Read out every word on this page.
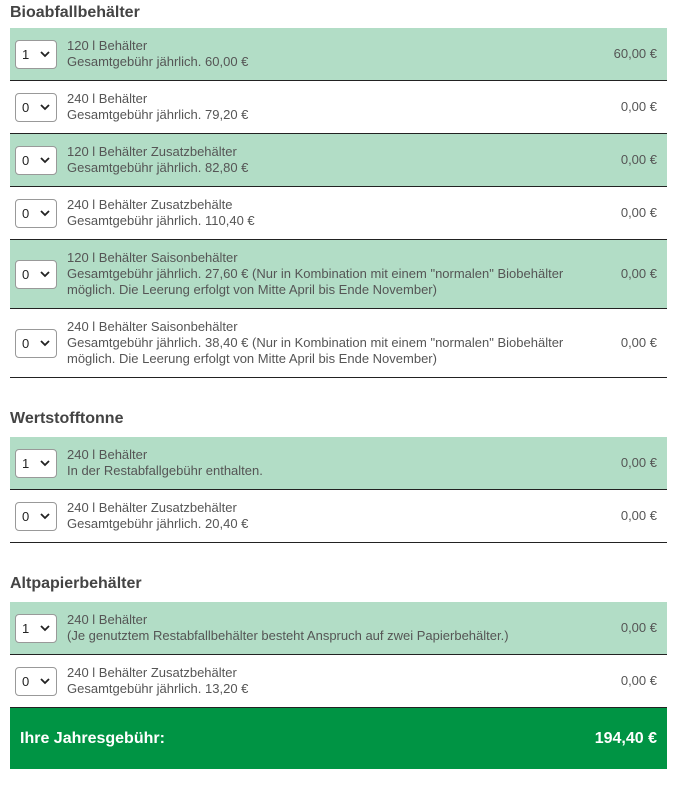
Bioabfallbehälter
1
120 l Behälter
Gesamtgebühr jährlich. 60,00 €
60,00 €
0
240 l Behälter
Gesamtgebühr jährlich. 79,20 €
0,00 €
0
120 l Behälter Zusatzbehälter
Gesamtgebühr jährlich. 82,80 €
0,00 €
0
240 l Behälter Zusatzbehälte
Gesamtgebühr jährlich. 110,40 €
0,00 €
0
120 l Behälter Saisonbehälter
Gesamtgebühr jährlich. 27,60 € (Nur in Kombination mit einem "normalen" Biobehälter
möglich. Die Leerung erfolgt von Mitte April bis Ende November)
0,00 €
0
240 l Behälter Saisonbehälter
Gesamtgebühr jährlich. 38,40 € (Nur in Kombination mit einem "normalen" Biobehälter
möglich. Die Leerung erfolgt von Mitte April bis Ende November)
0,00 €
Wertstofftonne
1
240 l Behälter
In der Restabfallgebühr enthalten.
0,00 €
0
240 l Behälter Zusatzbehälter
Gesamtgebühr jährlich. 20,40 €
0,00 €
Altpapierbehälter
1
240 l Behälter
(Je genutztem Restabfallbehälter besteht Anspruch auf zwei Papierbehälter.)
0,00 €
0
240 l Behälter Zusatzbehälter
Gesamtgebühr jährlich. 13,20 €
0,00 €
Ihre Jahresgebühr:	194,40 €
